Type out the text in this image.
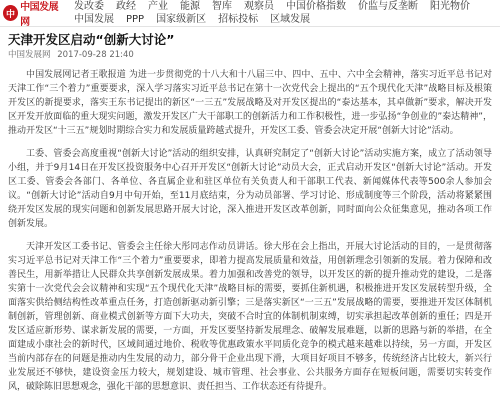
中
中国发展网
发改委	政经	产业	能源	智库	观察员	中国价格指数	价监与反垄断	阳光物价
中国发展	PPP	国家级新区	招标投标	区域发展
天津开发区启动“创新大讨论”
中国发展网 2017-09-28 21:40

中国发展网记者王歌报道 为进一步贯彻党的十八大和十八届三中、四中、五中、六中全会精神，落实习近平总书记对天津工作“三个着力”重要要求，深入学习落实习近平总书记在第十一次党代会上提出的“五个现代化天津”战略目标及根策开发区的新提要求，落实王东书记提出的新区“一三五”发展战略及对开发区提出的“泰达基本，其卓做新”要求，解决开发区开发开放面临的重大现实问题，激发开发区广大干部职工的创新活力和工作积极性，进一步弘扬“争创业的”泰达精神”，推动开发区“十三五”规划时期综合实力和发展质量跨越式提升，开发区工委、管委会决定开展“创新大讨论”活动。

工委、管委会高度重视“创新大讨论”活动的组织安排，认真研究制定了“创新大讨论”活动实施方案，成立了活动领导小组，并于9月14日在开发区投资服务中心召开开发区“创新大讨论”动员大会，正式启动开发区“创新大讨论”活动。开发区工委、管委会各部门、各单位、各直属企业和驻区单位有关负责人和干部职工代表、新闻媒体代表等500余人参加会议。“创新大讨论”活动自9月中旬开始，至11月底结束，分为动员部署、学习讨论、形成制度等三个阶段，活动将紧紧围绕开发区发展的现实问题和创新发展思路开展大讨论，深入推进开发区改革创新，同时面向公众征集意见，推动各项工作创新发展。

天津开发区工委书记、管委会主任徐大彤同志作动员讲话。徐大彤在会上指出，开展大讨论活动的目的，一是贯彻落实习近平总书记对天津工作“三个着力”重要要求，即着力提高发展质量和效益，用创新理念引领新的发展。着力保障和改善民生，用新举措让人民群众共享创新发展成果。着力加强和改善党的领导，以开发区的新的提升推动党的建设，二是落实第十一次党代会会议精神和实现“五个现代化天津”战略目标的需要，要抓住新机遇，积极推进开发区发展转型升级，全面落实供给侧结构性改革重点任务，打造创新驱动新引擎；三是落实新区“一三五”发展战略的需要，要推进开发区体制机制创新，管理创新、商业模式创新等方面下大功夫，突破不合时宜的体制机制束缚，切实承担起改革创新的重任；四是开发区适应新形势、谋求新发展的需要，一方面，开发区要坚持新发展理念、破解发展难题，以新的思路与新的举措，在全面建成小康社会的新时代，区域间通过地价、税收等优惠政策水平同质化竞争的模式越来越难以持续，另一方面，开发区当前内部存在的问题是推动内生发展的动力，部分骨干企业出现下滑，大项目好项目不够多，传统经济占比较大，新兴行业发展还不够快，建设资金压力较大，规划建设、城市管理、社会事业、公共服务方面存在短板问题，需要切实转变作风，破除陈旧思想观念，强化干部的思想意识、责任担当、工作状态还有待提升。
